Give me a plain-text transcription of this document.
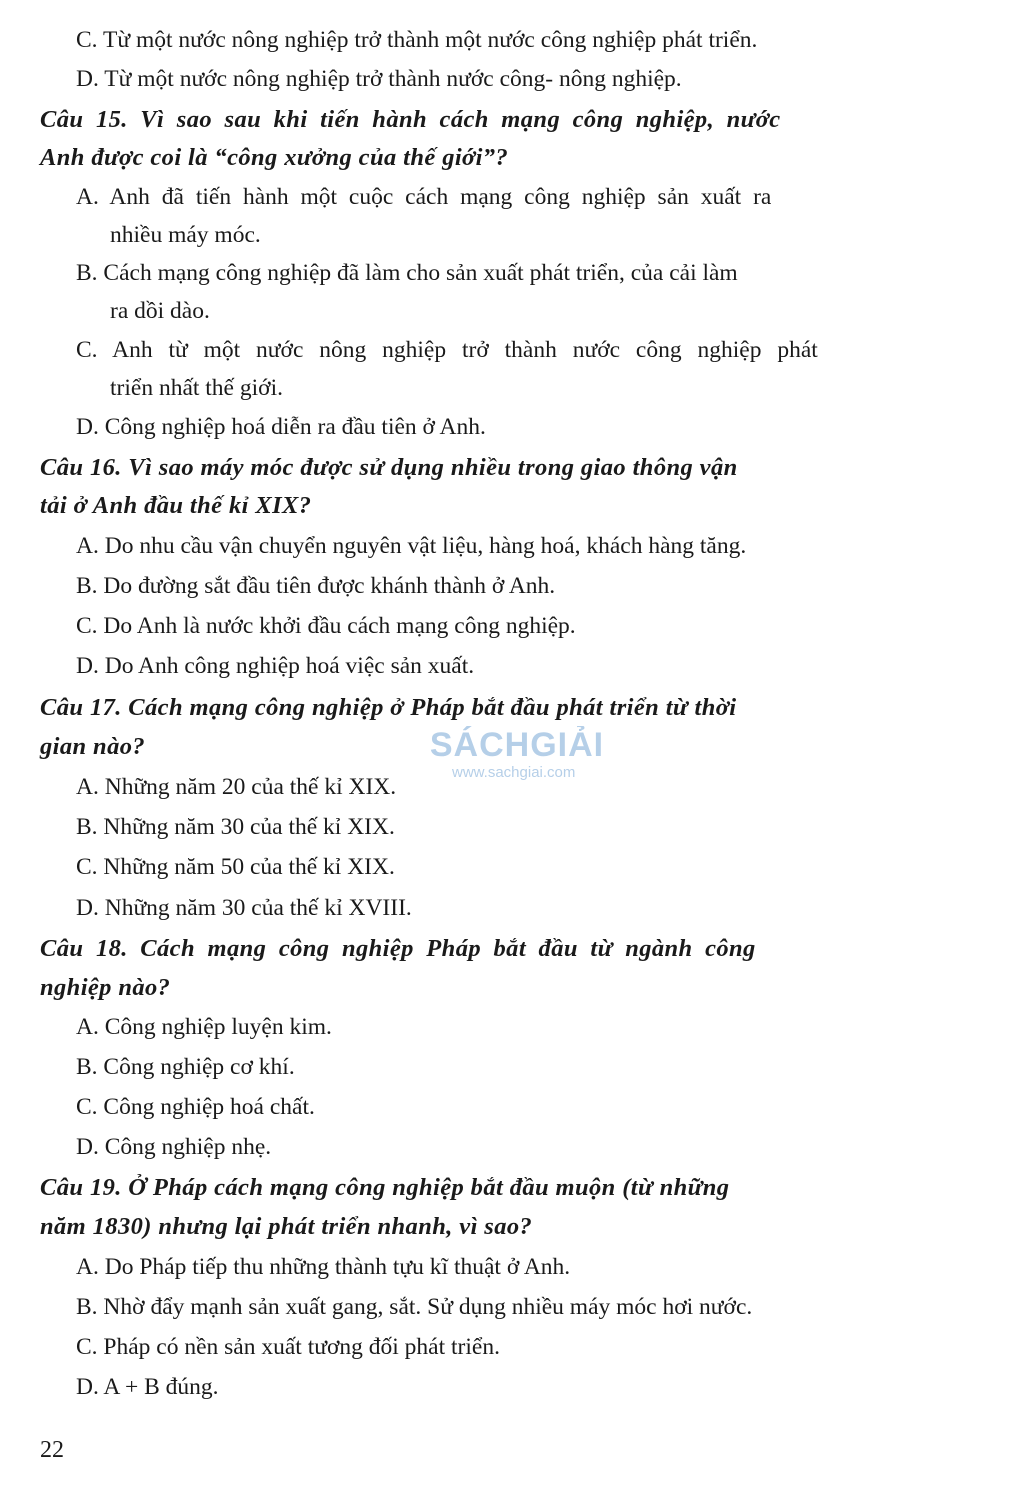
C. Từ một nước nông nghiệp trở thành một nước công nghiệp phát triển.
D. Từ một nước nông nghiệp trở thành nước công- nông nghiệp.
Câu 15. Vì sao sau khi tiến hành cách mạng công nghiệp, nước
Anh được coi là “công xưởng của thế giới”?
A. Anh đã tiến hành một cuộc cách mạng công nghiệp sản xuất ra
nhiều máy móc.
B. Cách mạng công nghiệp đã làm cho sản xuất phát triển, của cải làm
ra dồi dào.
C. Anh từ một nước nông nghiệp trở thành nước công nghiệp phát
triển nhất thế giới.
D. Công nghiệp hoá diễn ra đầu tiên ở Anh.
Câu 16. Vì sao máy móc được sử dụng nhiều trong giao thông vận
tải ở Anh đầu thế kỉ XIX?
A. Do nhu cầu vận chuyển nguyên vật liệu, hàng hoá, khách hàng tăng.
B. Do đường sắt đầu tiên được khánh thành ở Anh.
C. Do Anh là nước khởi đầu cách mạng công nghiệp.
D. Do Anh công nghiệp hoá việc sản xuất.
Câu 17. Cách mạng công nghiệp ở Pháp bắt đầu phát triển từ thời
gian nào?
A. Những năm 20 của thế kỉ XIX.
B. Những năm 30 của thế kỉ XIX.
C. Những năm 50 của thế kỉ XIX.
D. Những năm 30 của thế kỉ XVIII.
Câu 18. Cách mạng công nghiệp Pháp bắt đầu từ ngành công
nghiệp nào?
A. Công nghiệp luyện kim.
B. Công nghiệp cơ khí.
C. Công nghiệp hoá chất.
D. Công nghiệp nhẹ.
Câu 19. Ở Pháp cách mạng công nghiệp bắt đầu muộn (từ những
năm 1830) nhưng lại phát triển nhanh, vì sao?
A. Do Pháp tiếp thu những thành tựu kĩ thuật ở Anh.
B. Nhờ đẩy mạnh sản xuất gang, sắt. Sử dụng nhiều máy móc hơi nước.
C. Pháp có nền sản xuất tương đối phát triển.
D. A + B đúng.
SÁCHGIẢI
www.sachgiai.com
22
